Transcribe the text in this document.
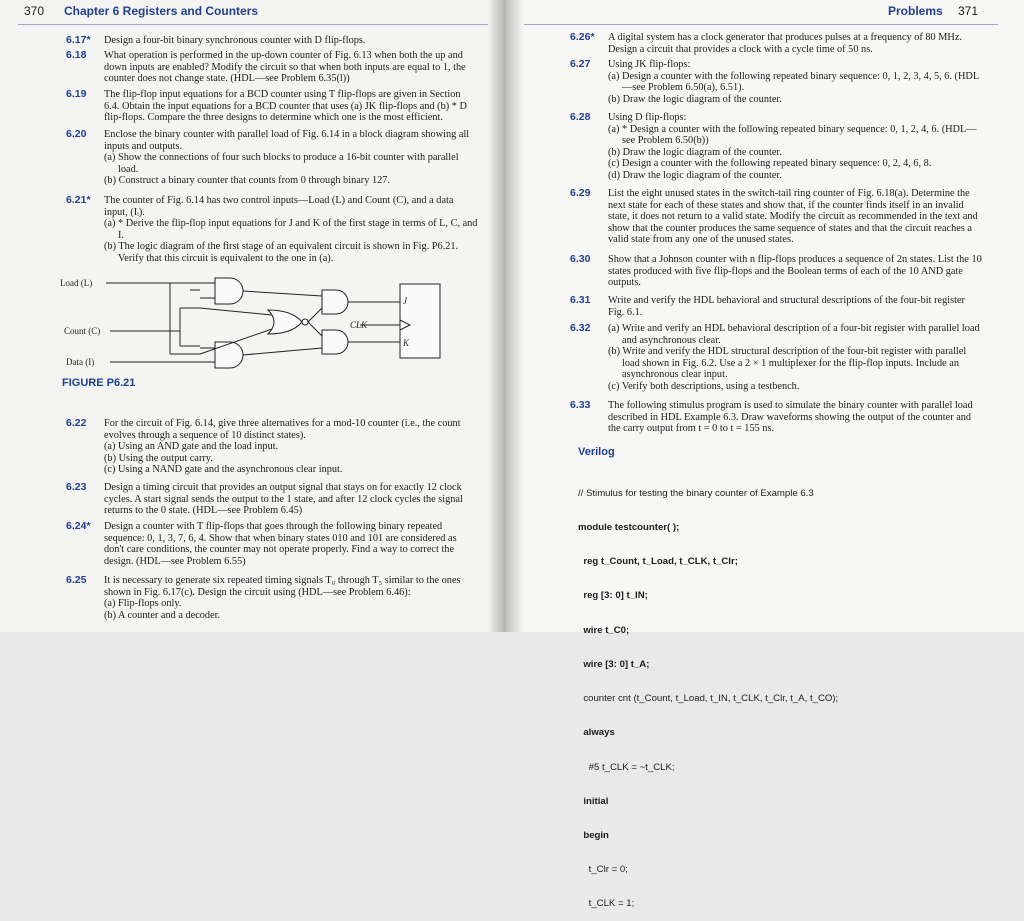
370 Chapter 6 Registers and Counters
6.17* Design a four-bit binary synchronous counter with D flip-flops.
6.18 What operation is performed in the up-down counter of Fig. 6.13 when both the up and down inputs are enabled? Modify the circuit so that when both inputs are equal to 1, the counter does not change state. (HDL—see Problem 6.35(l))
6.19 The flip-flop input equations for a BCD counter using T flip-flops are given in Section 6.4. Obtain the input equations for a BCD counter that uses (a) JK flip-flops and (b) * D flip-flops. Compare the three designs to determine which one is the most efficient.
6.20 Enclose the binary counter with parallel load of Fig. 6.14 in a block diagram showing all inputs and outputs.
(a) Show the connections of four such blocks to produce a 16-bit counter with parallel load.
(b) Construct a binary counter that counts from 0 through binary 127.
6.21* The counter of Fig. 6.14 has two control inputs—Load (L) and Count (C), and a data input, (Iᵢ).
(a) * Derive the flip-flop input equations for J and K of the first stage in terms of L, C, and I.
(b) The logic diagram of the first stage of an equivalent circuit is shown in Fig. P6.21. Verify that this circuit is equivalent to the one in (a).
Load (L)
Count (C)
Data (I)
CLK
J
K
FIGURE P6.21
6.22 For the circuit of Fig. 6.14, give three alternatives for a mod-10 counter (i.e., the count evolves through a sequence of 10 distinct states).
(a) Using an AND gate and the load input.
(b) Using the output carry.
(c) Using a NAND gate and the asynchronous clear input.
6.23 Design a timing circuit that provides an output signal that stays on for exactly 12 clock cycles. A start signal sends the output to the 1 state, and after 12 clock cycles the signal returns to the 0 state. (HDL—see Problem 6.45)
6.24* Design a counter with T flip-flops that goes through the following binary repeated sequence: 0, 1, 3, 7, 6, 4. Show that when binary states 010 and 101 are considered as don't care conditions, the counter may not operate properly. Find a way to correct the design. (HDL—see Problem 6.55)
6.25 It is necessary to generate six repeated timing signals T₀ through T₅ similar to the ones shown in Fig. 6.17(c). Design the circuit using (HDL—see Problem 6.46):
(a) Flip-flops only.
(b) A counter and a decoder.
Problems 371
6.26* A digital system has a clock generator that produces pulses at a frequency of 80 MHz. Design a circuit that provides a clock with a cycle time of 50 ns.
6.27 Using JK flip-flops:
(a) Design a counter with the following repeated binary sequence: 0, 1, 2, 3, 4, 5, 6. (HDL—see Problem 6.50(a), 6.51).
(b) Draw the logic diagram of the counter.
6.28 Using D flip-flops:
(a) * Design a counter with the following repeated binary sequence: 0, 1, 2, 4, 6. (HDL—see Problem 6.50(b))
(b) Draw the logic diagram of the counter.
(c) Design a counter with the following repeated binary sequence: 0, 2, 4, 6, 8.
(d) Draw the logic diagram of the counter.
6.29 List the eight unused states in the switch-tail ring counter of Fig. 6.18(a). Determine the next state for each of these states and show that, if the counter finds itself in an invalid state, it does not return to a valid state. Modify the circuit as recommended in the text and show that the counter produces the same sequence of states and that the circuit reaches a valid state from any one of the unused states.
6.30 Show that a Johnson counter with n flip-flops produces a sequence of 2n states. List the 10 states produced with five flip-flops and the Boolean terms of each of the 10 AND gate outputs.
6.31 Write and verify the HDL behavioral and structural descriptions of the four-bit register Fig. 6.1.
6.32 (a) Write and verify an HDL behavioral description of a four-bit register with parallel load and asynchronous clear.
(b) Write and verify the HDL structural description of the four-bit register with parallel load shown in Fig. 6.2. Use a 2 × 1 multiplexer for the flip-flop inputs. Include an asynchronous clear input.
(c) Verify both descriptions, using a testbench.
6.33 The following stimulus program is used to simulate the binary counter with parallel load described in HDL Example 6.3. Draw waveforms showing the output of the counter and the carry output from t = 0 to t = 155 ns.
Verilog

// Stimulus for testing the binary counter of Example 6.3

module testcounter( );

reg t_Count, t_Load, t_CLK, t_Clr;

reg [3: 0] t_IN;

wire t_C0;

wire [3: 0] t_A;

counter cnt (t_Count, t_Load, t_IN, t_CLK, t_Clr, t_A, t_CO);

always

#5 t_CLK = ~t_CLK;

initial

begin

t_Clr = 0;

t_CLK = 1;
